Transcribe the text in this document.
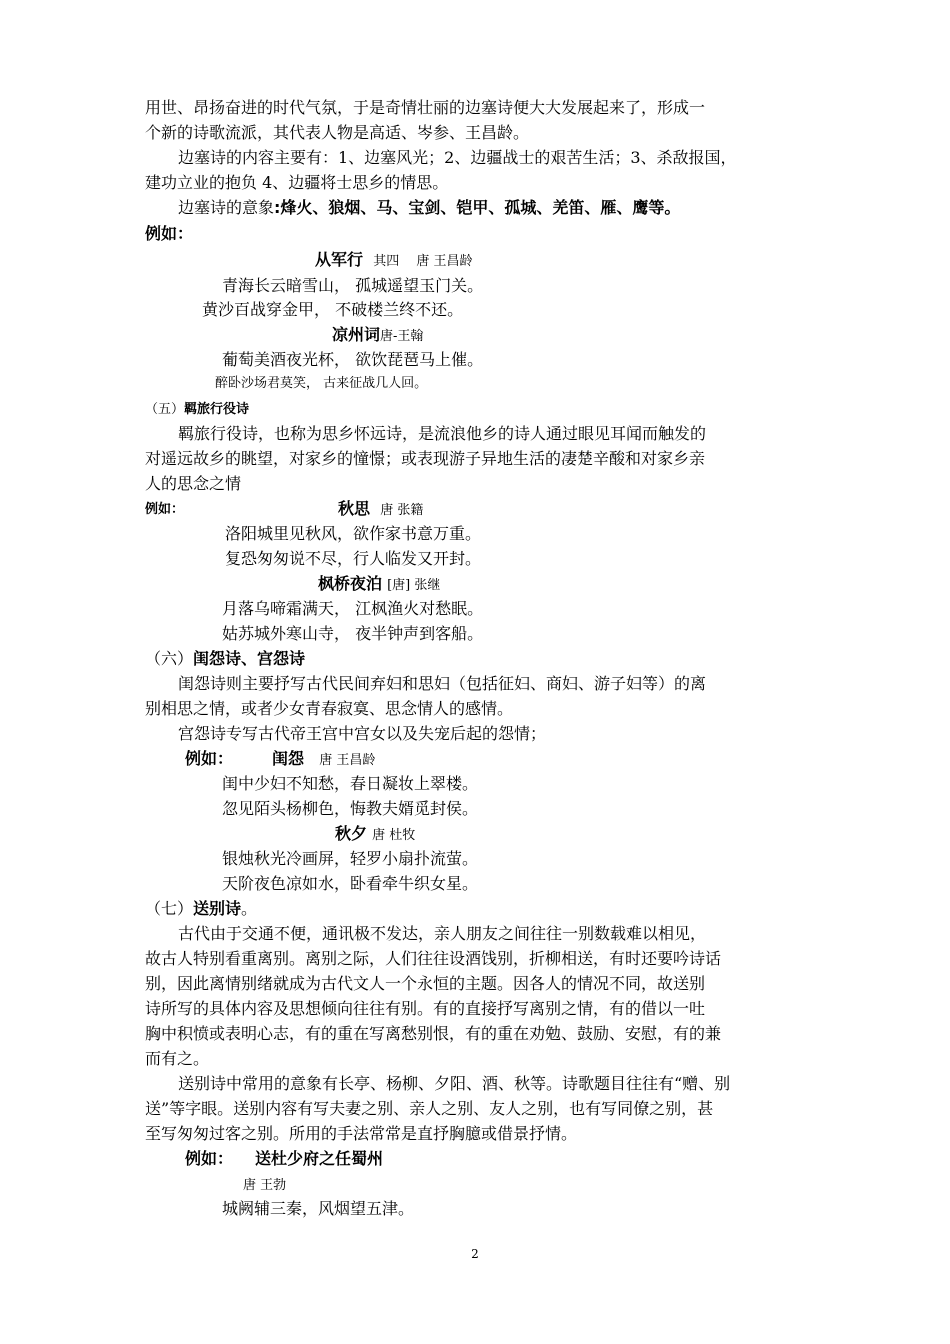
用世、昂扬奋进的时代气氛，于是奇情壮丽的边塞诗便大大发展起来了，形成一
个新的诗歌流派，其代表人物是高适、岑参、王昌龄。
边塞诗的内容主要有：1、边塞风光；2、边疆战士的艰苦生活；3、杀敌报国，
建功立业的抱负 4、边疆将士思乡的情思。
边塞诗的意象:烽火、狼烟、马、宝剑、铠甲、孤城、羌笛、雁、鹰等。
例如：
从军行 其四　 唐 王昌龄
青海长云暗雪山， 孤城遥望玉门关。
黄沙百战穿金甲， 不破楼兰终不还。
凉州词唐-王翰
葡萄美酒夜光杯， 欲饮琵琶马上催。
醉卧沙场君莫笑， 古来征战几人回。
（五）羁旅行役诗
羁旅行役诗，也称为思乡怀远诗，是流浪他乡的诗人通过眼见耳闻而触发的
对遥远故乡的眺望，对家乡的憧憬；或表现游子异地生活的凄楚辛酸和对家乡亲
人的思念之情
例如：	秋思 唐 张籍
洛阳城里见秋风，欲作家书意万重。
复恐匆匆说不尽，行人临发又开封。
枫桥夜泊 [唐] 张继
月落乌啼霜满天， 江枫渔火对愁眠。
姑苏城外寒山寺， 夜半钟声到客船。
（六）闺怨诗、宫怨诗
闺怨诗则主要抒写古代民间弃妇和思妇（包括征妇、商妇、游子妇等）的离
别相思之情，或者少女青春寂寞、思念情人的感情。
宫怨诗专写古代帝王宫中宫女以及失宠后起的怨情；
例如：	闺怨 唐 王昌龄
闺中少妇不知愁，春日凝妆上翠楼。
忽见陌头杨柳色，悔教夫婿觅封侯。
秋夕 唐 杜牧
银烛秋光冷画屏，轻罗小扇扑流萤。
天阶夜色凉如水，卧看牵牛织女星。
（七）送别诗。
古代由于交通不便，通讯极不发达，亲人朋友之间往往一别数载难以相见，
故古人特别看重离别。离别之际，人们往往设酒饯别，折柳相送，有时还要吟诗话
别，因此离情别绪就成为古代文人一个永恒的主题。因各人的情况不同，故送别
诗所写的具体内容及思想倾向往往有别。有的直接抒写离别之情，有的借以一吐
胸中积愤或表明心志，有的重在写离愁别恨，有的重在劝勉、鼓励、安慰，有的兼
而有之。
送别诗中常用的意象有长亭、杨柳、夕阳、酒、秋等。诗歌题目往往有“赠、别
送”等字眼。送别内容有写夫妻之别、亲人之别、友人之别，也有写同僚之别，甚
至写匆匆过客之别。所用的手法常常是直抒胸臆或借景抒情。
例如：	送杜少府之任蜀州
唐 王勃
城阙辅三秦，风烟望五津。
2
